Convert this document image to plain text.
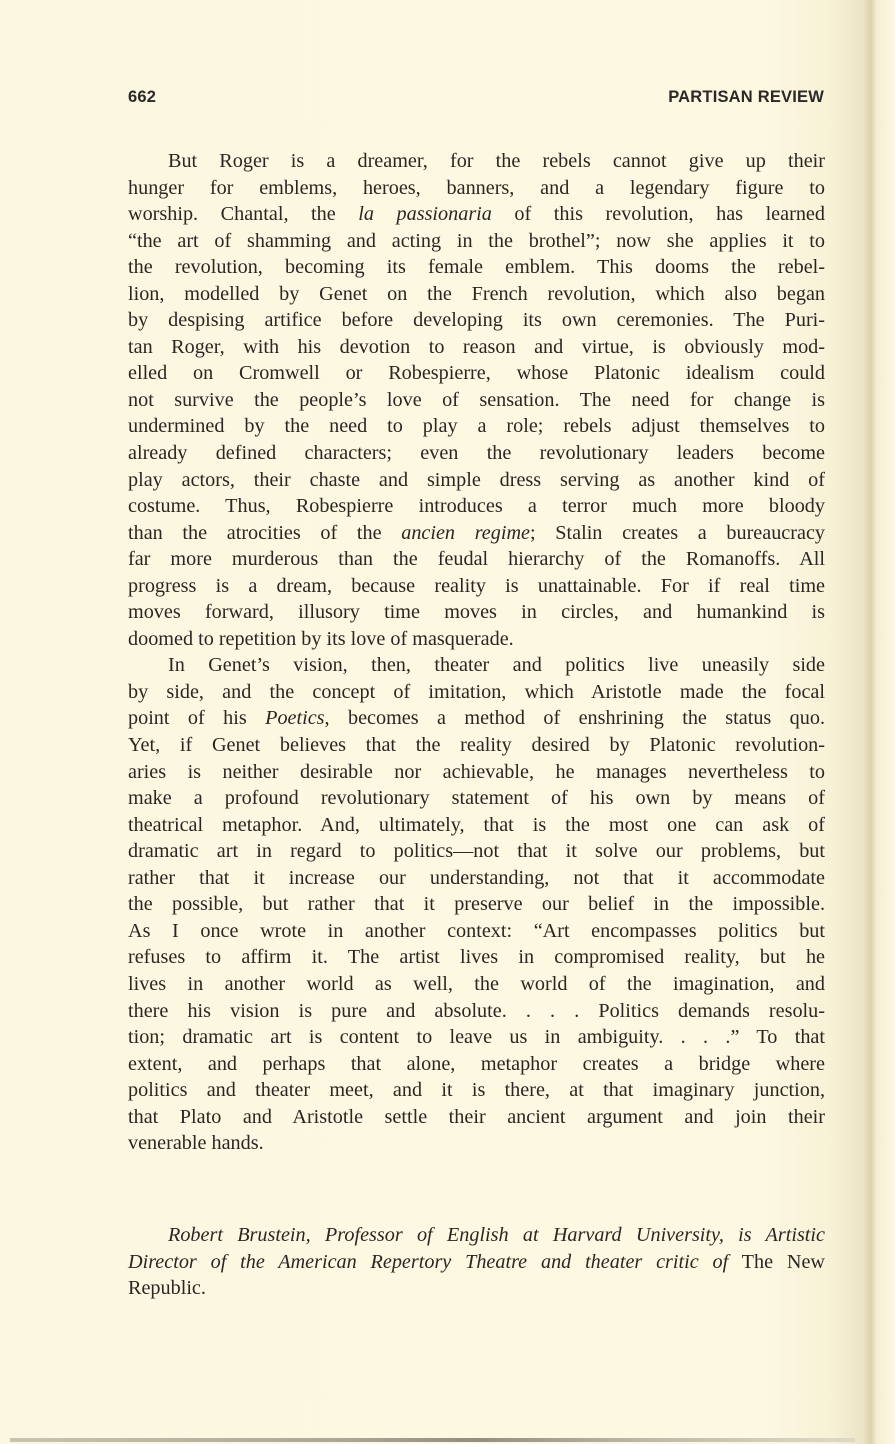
662	PARTISAN REVIEW
But Roger is a dreamer, for the rebels cannot give up their
hunger for emblems, heroes, banners, and a legendary figure to
worship. Chantal, the la passionaria of this revolution, has learned
“the art of shamming and acting in the brothel”; now she applies it to
the revolution, becoming its female emblem. This dooms the rebel-
lion, modelled by Genet on the French revolution, which also began
by despising artifice before developing its own ceremonies. The Puri-
tan Roger, with his devotion to reason and virtue, is obviously mod-
elled on Cromwell or Robespierre, whose Platonic idealism could
not survive the people’s love of sensation. The need for change is
undermined by the need to play a role; rebels adjust themselves to
already defined characters; even the revolutionary leaders become
play actors, their chaste and simple dress serving as another kind of
costume. Thus, Robespierre introduces a terror much more bloody
than the atrocities of the ancien regime; Stalin creates a bureaucracy
far more murderous than the feudal hierarchy of the Romanoffs. All
progress is a dream, because reality is unattainable. For if real time
moves forward, illusory time moves in circles, and humankind is
doomed to repetition by its love of masquerade.
In Genet’s vision, then, theater and politics live uneasily side
by side, and the concept of imitation, which Aristotle made the focal
point of his Poetics, becomes a method of enshrining the status quo.
Yet, if Genet believes that the reality desired by Platonic revolution-
aries is neither desirable nor achievable, he manages nevertheless to
make a profound revolutionary statement of his own by means of
theatrical metaphor. And, ultimately, that is the most one can ask of
dramatic art in regard to politics—not that it solve our problems, but
rather that it increase our understanding, not that it accommodate
the possible, but rather that it preserve our belief in the impossible.
As I once wrote in another context: “Art encompasses politics but
refuses to affirm it. The artist lives in compromised reality, but he
lives in another world as well, the world of the imagination, and
there his vision is pure and absolute. . . . Politics demands resolu-
tion; dramatic art is content to leave us in ambiguity. . . .” To that
extent, and perhaps that alone, metaphor creates a bridge where
politics and theater meet, and it is there, at that imaginary junction,
that Plato and Aristotle settle their ancient argument and join their
venerable hands.
Robert Brustein, Professor of English at Harvard University, is Artistic
Director of the American Repertory Theatre and theater critic of The New
Republic.
